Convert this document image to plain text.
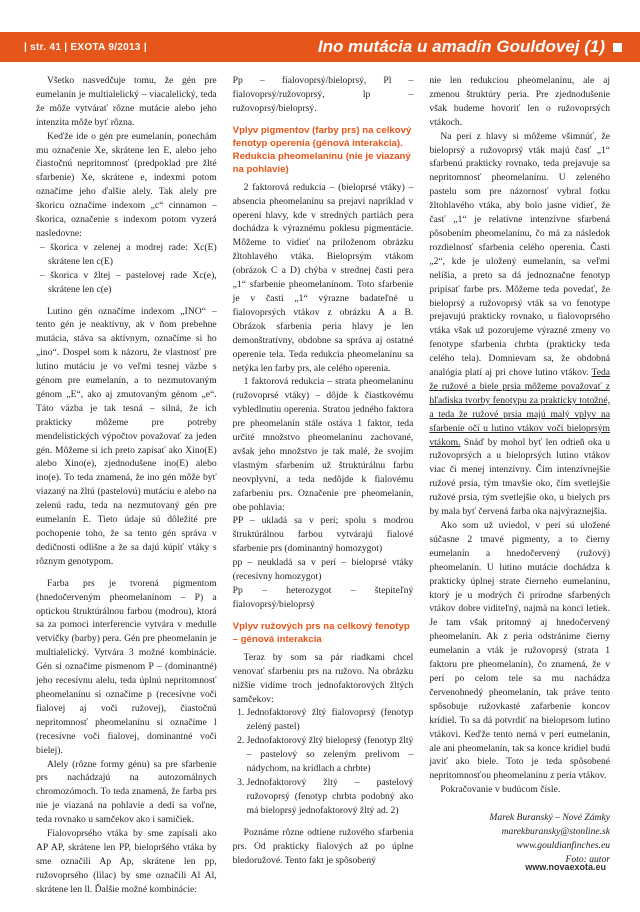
| str. 41 | EXOTA 9/2013 |	Ino mutácia u amadín Gouldovej (1)

Všetko nasvedčuje tomu, že gén pre eumelanín je multialelický – viacalelický, teda že môže vytvárať rôzne mutácie alebo jeho intenzita môže byť rôzna.

Keďže ide o gén pre eumelanín, ponechám mu označenie Xe, skrátene len E, alebo jeho čiastočnú nepritomnosť (predpoklad pre žlté sfarbenie) Xe, skrátene e, indexmi potom označíme jeho ďalšie alely. Tak alely pre škoricu označíme indexom „c“ cinnamon – škorica, označenie s indexom potom vyzerá nasledovne:

– škorica v zelenej a modrej rade: Xc(E) skrátene len c(E)
– škorica v žltej – pastelovej rade Xc(e), skrátene len c(e)

Lutino gén označíme indexom „INO“ – tento gén je neaktívny, ak v ňom prebehne mutácia, stáva sa aktívnym, označíme si ho „ino“. Dospel som k názoru, že vlastnosť pre lutino mutáciu je vo veľmi tesnej väzbe s génom pre eumelanín, a to nezmutovaným génom „E“, ako aj zmutovaným génom „e“. Táto väzba je tak tesná – silná, že ich prakticky môžeme pre potreby mendelistických výpočtov považovať za jeden gén. Môžeme si ich preto zapísať ako Xino(E) alebo Xino(e), zjednodušene ino(E) alebo ino(e). To teda znamená, že ino gén môže byť viazaný na žltú (pastelovú) mutáciu e alebo na zelenú radu, teda na nezmutovaný gén pre eumelanín E. Tieto údaje sú dôležité pre pochopenie toho, že sa tento gén správa v dedičnosti odlišne a že sa dajú kúpiť vtáky s rôznym genotypom.

Farba prs je tvorená pigmentom (hnedočerveným pheomelanínom – P) a optickou štruktúrálnou farbou (modrou), ktorá sa za pomoci interferencie vytvára v medulle vetvičky (barby) pera. Gén pre pheomelanín je multialelický. Vytvára 3 možné kombinácie. Gén si označíme písmenom P – (dominantné) jeho recesívnu alelu, teda úplnú nepritomnosť pheomelanínu si označíme p (recesívne voči fialovej aj voči ružovej), čiastočnú nepritomnosť pheomelanínu si označíme l (recesívne voči fialovej, dominantné voči bielej).

Alely (rôzne formy génu) sa pre sfarbenie prs nachádzajú na autozomálnych chromozómoch. To teda znamená, že farba prs nie je viazaná na pohlavie a dedí sa voľne, teda rovnako u samčekov ako i samičiek.

Fialovoprsého vtáka by sme zapísali ako AP AP, skrátene len PP, bielopršého vtáka by sme označili Ap Ap, skrátene len pp, ružovoprsého (lilac) by sme označili Al Al, skrátene len ll. Ďalšie možné kombinácie:

Pp – fialovoprsý/bieloprsý, Pl – fialovoprsý/ružovoprsý, lp – ružovoprsý/bieloprsý.

Vplyv pigmentov (farby prs) na celkový fenotyp operenia (génová interakcia). Redukcia pheomelanínu (nie je viazaný na pohlavie)

2 faktorová redukcia – (bieloprsé vtáky) – absencia pheomelanínu sa prejaví napríklad v operení hlavy, kde v stredných partiách pera dochádza k výraznému poklesu pigmentácie. Môžeme to vidieť na priloženom obrázku žltohlavého vtáka. Bieloprsým vtákom (obrázok C a D) chýba v strednej časti pera „1“ sfarbenie pheomelanínom. Toto sfarbenie je v časti „1“ výrazne badateľné u fialovoprsých vtákov z obrázku A a B. Obrázok sfarbenia peria hlavy je len demonštratívny, obdobne sa správa aj ostatné operenie tela. Teda redukcia pheomelanínu sa netýka len farby prs, ale celého operenia.

1 faktorová redukcia – strata pheomelanínu (ružovoprsé vtáky) – dôjde k čiastkovému vybledlnutiu operenia. Stratou jedného faktora pre pheomelanín stále ostáva 1 faktor, teda určité množstvo pheomelanínu zachované, avšak jeho množstvo je tak malé, že svojim vlastným sfarbením už štruktúrálnu farbu neovplyvní, a teda nedôjde k fialovému zafarbeniu prs. Označenie pre pheomelanín, obe pohlavia:

PP – ukladá sa v perí; spolu s modrou štruktúrálnou farbou vytvárajú fialové sfarbenie prs (dominantný homozygot)

pp – neukladá sa v perí – bieloprsé vtáky (recesívny homozygot)

Pp – heterozygot – štepiteľný fialovoprsý/bieloprsý

Vplyv ružových prs na celkový fenotyp – génová interakcia

Teraz by som sa pár riadkami chcel venovať sfarbeniu prs na ružovo. Na obrázku nižšie vidíme troch jednofaktorových žltých samčekov:

1. Jednofaktorový žltý fialovoprsý (fenotyp zelený pastel)
2. Jednofaktorový žltý bieloprsý (fenotyp žltý – pastelový so zeleným prelivom – nádychom, na krídlach a chrbte)
3. Jednofaktorový žltý – pastelový ružovoprsý (fenotyp chrbta podobný ako má bieloprsý jednofaktorový žltý ad. 2)

Poznáme rôzne odtiene ružového sfarbenia prs. Od prakticky fialových až po úplne bledoružové. Tento fakt je spôsobený

nie len redukciou pheomelanínu, ale aj zmenou štruktúry peria. Pre zjednodušenie však budeme hovoriť len o ružovoprsých vtákoch.

Na perí z hlavy si môžeme všimnúť, že bieloprsý a ružovoprsý vták majú časť „1“ sfarbenú prakticky rovnako, teda prejavuje sa nepritomnosť pheomelanínu. U zeleného pastelu som pre názornosť vybral fotku žltohlavého vtáka, aby bolo jasne vidieť, že časť „1“ je relatívne intenzívne sfarbená pôsobením pheomelanínu, čo má za následok rozdielnosť sfarbenia celého operenia. Časti „2“, kde je uložený eumelanín, sa veľmi nelíšia, a preto sa dá jednoznačne fenotyp pripísať farbe prs. Môžeme teda povedať, že bieloprsý a ružovoprsý vták sa vo fenotype prejavujú prakticky rovnako, u fialovoprsého vtáka však už pozorujeme výrazné zmeny vo fenotype sfarbenia chrbta (prakticky teda celého tela). Domnievam sa, že obdobná analógia platí aj pri chove lutino vtákov. Teda že ružové a biele prsia môžeme považovať z hľadiska tvorby fenotypu za prakticky totožné, a teda že ružové prsia majú malý vplyv na sfarbenie očí u lutino vtákov voči bieloprsým vtákom. Snáď by mohol byť len odtieň oka u ružovoprsých a u bieloprsých lutino vtákov viac či menej intenzívny. Čím intenzívnejšie ružové prsia, tým tmavšie oko, čím svetlejšie ružové prsia, tým svetlejšie oko, u bielych prs by mala byť červená farba oka najvýraznejšia.

Ako som už uviedol, v perí sú uložené súčasne 2 tmavé pigmenty, a to čierny eumelanín a hnedočervený (ružový) pheomelanín. U lutino mutácie dochádza k prakticky úplnej strate čierneho eumelanínu, ktorý je u modrých či prírodne sfarbených vtákov dobre viditeľný, najmä na konci letiek. Je tam však prítomný aj hnedočervený pheomelanín. Ak z peria odstránime čierny eumelanín a vták je ružovoprsý (strata 1 faktoru pre pheomelanín), čo znamená, že v perí po celom tele sa mu nachádza červenohnedý pheomelanín, tak práve tento spôsobuje ružovkasté zafarbenie koncov krídiel. To sa dá potvrdiť na bieloprsom lutino vtákovi. Keďže tento nemá v perí eumelanín, ale ani pheomelanín, tak sa konce krídiel budú javiť ako biele. Toto je teda spôsobené nepritomnosťou pheomelanínu z peria vtákov.

Pokračovanie v budúcom čísle.

Marek Buranský – Nové Zámky
marekburansky@stonline.sk
www.gouldianfinches.eu
Foto: autor
www.novaexota.eu
